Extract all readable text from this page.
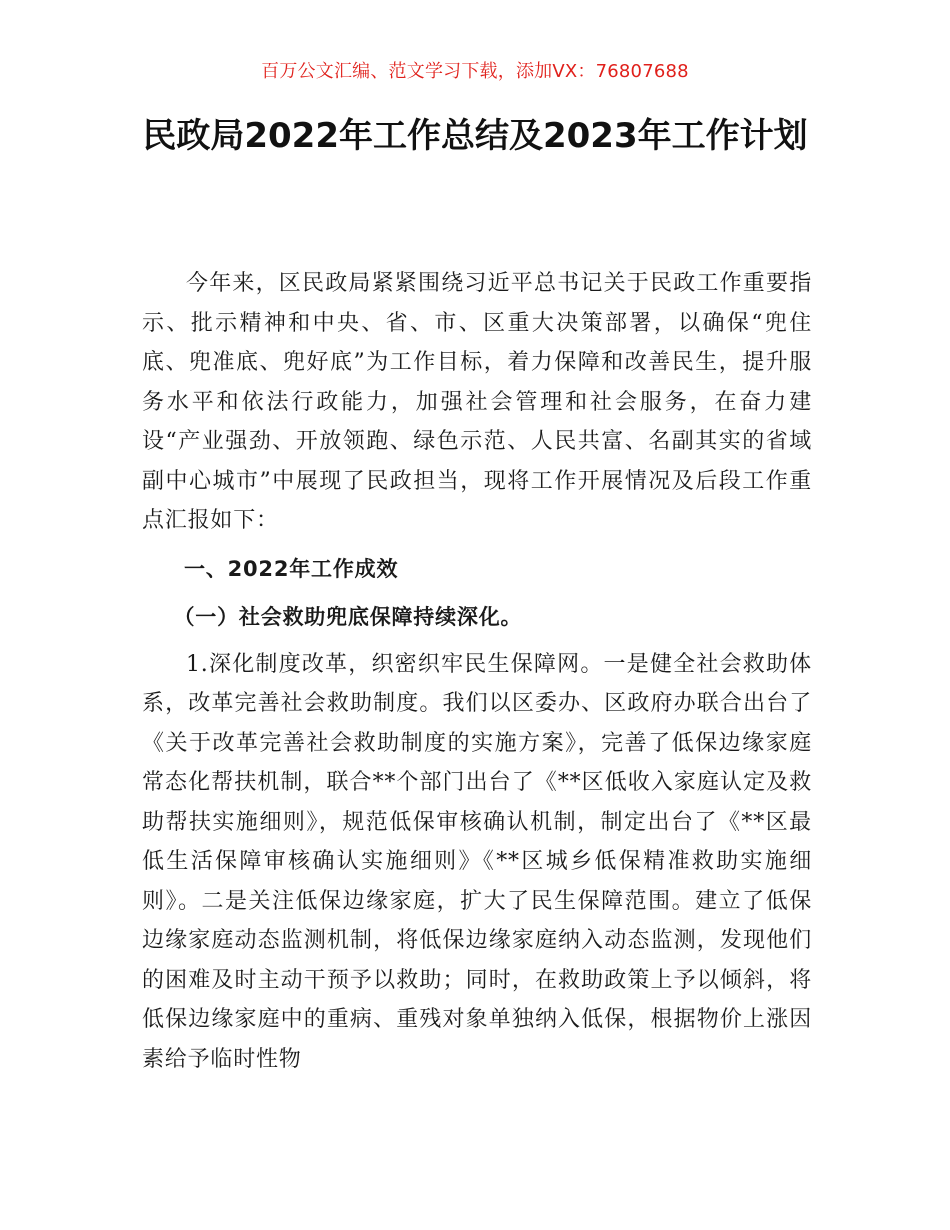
百万公文汇编、范文学习下载，添加VX：76807688
民政局2022年工作总结及2023年工作计划

今年来，区民政局紧紧围绕习近平总书记关于民政工作重要指示、批示精神和中央、省、市、区重大决策部署，以确保“兜住底、兜准底、兜好底”为工作目标，着力保障和改善民生，提升服务水平和依法行政能力，加强社会管理和社会服务，在奋力建设“产业强劲、开放领跑、绿色示范、人民共富、名副其实的省域副中心城市”中展现了民政担当，现将工作开展情况及后段工作重点汇报如下：

一、2022年工作成效

（一）社会救助兜底保障持续深化。

1.深化制度改革，织密织牢民生保障网。一是健全社会救助体系，改革完善社会救助制度。我们以区委办、区政府办联合出台了《关于改革完善社会救助制度的实施方案》，完善了低保边缘家庭常态化帮扶机制，联合**个部门出台了《**区低收入家庭认定及救助帮扶实施细则》，规范低保审核确认机制，制定出台了《**区最低生活保障审核确认实施细则》《**区城乡低保精准救助实施细则》。二是关注低保边缘家庭，扩大了民生保障范围。建立了低保边缘家庭动态监测机制，将低保边缘家庭纳入动态监测，发现他们的困难及时主动干预予以救助；同时，在救助政策上予以倾斜，将低保边缘家庭中的重病、重残对象单独纳入低保，根据物价上涨因素给予临时性物
